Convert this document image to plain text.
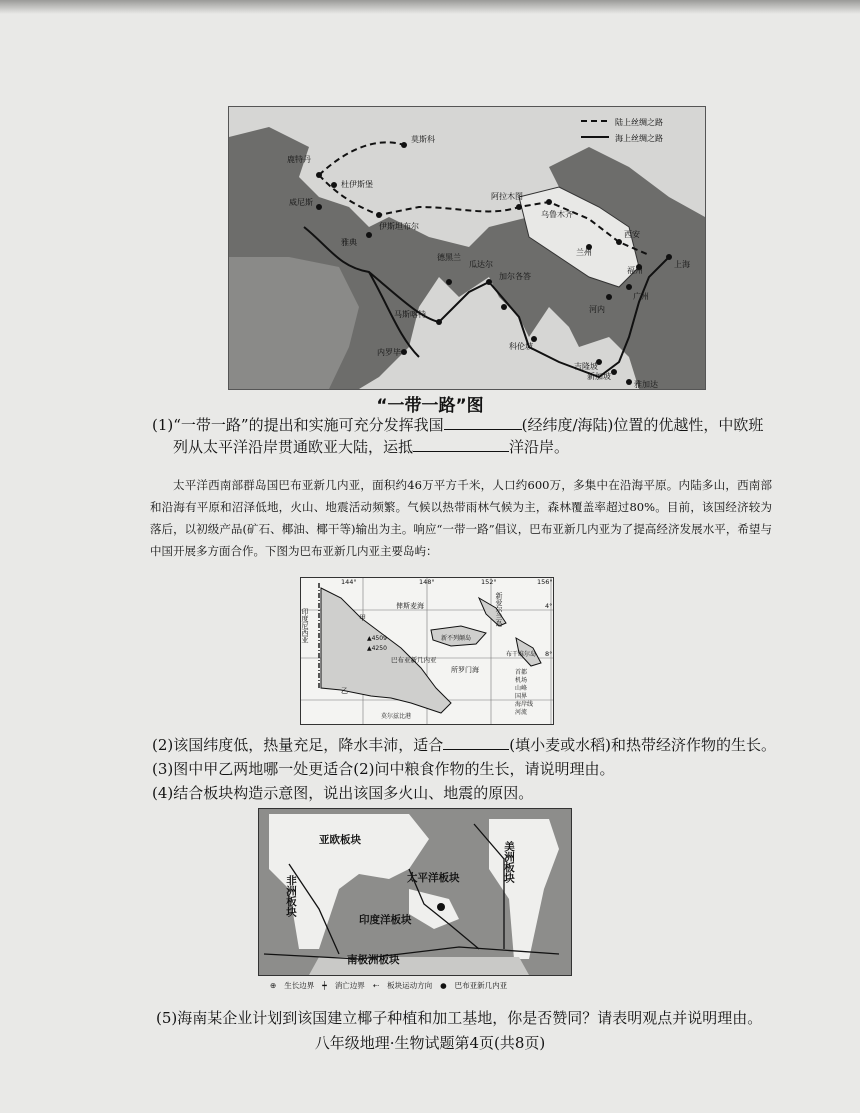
陆上丝绸之路
海上丝绸之路
莫斯科
鹿特丹
杜伊斯堡
威尼斯
伊斯坦布尔
雅典
阿拉木图
乌鲁木齐
兰州
西安
德黑兰
福州
上海
广州
河内
加尔各答
瓜达尔
马斯喀特
内罗毕
科伦坡
吉隆坡
新加坡
雅加达
“一带一路”图
(1)“一带一路”的提出和实施可充分发挥我国	(经纬度/海陆)位置的优越性，中欧班
列从太平洋沿岸贯通欧亚大陆，运抵	洋沿岸。
太平洋西南部群岛国巴布亚新几内亚，面积约46万平方千米，人口约600万，多集中在沿海平原。内陆多山，西南部和沿海有平原和沼泽低地，火山、地震活动频繁。气候以热带雨林气候为主，森林覆盖率超过80%。目前，该国经济较为落后，以初级产品(矿石、椰油、椰干等)输出为主。响应“一带一路”倡议，巴布亚新几内亚为了提高经济发展水平，希望与中国开展多方面合作。下图为巴布亚新几内亚主要岛屿：
144°	148°	152°	156°
4°
8°
印度尼西亚
俾斯麦海	新爱尔兰岛
新不列颠岛
巴布亚新几内亚
所罗门海
布干维尔岛
莫尔兹比港
▲4509
▲4250
甲
乙
首都
机场
山峰
国界
海岸线
河流
(2)该国纬度低，热量充足，降水丰沛，适合	(填小麦或水稻)和热带经济作物的生长。
(3)图中甲乙两地哪一处更适合(2)问中粮食作物的生长，请说明理由。
(4)结合板块构造示意图，说出该国多火山、地震的原因。
亚欧板块
非洲板块	太平洋板块	美洲板块
印度洋板块
南极洲板块
⊕ 生长边界 ┿ 消亡边界 ⇠ 板块运动方向 ● 巴布亚新几内亚
(5)海南某企业计划到该国建立椰子种植和加工基地，你是否赞同？请表明观点并说明理由。
八年级地理·生物试题第4页(共8页)
